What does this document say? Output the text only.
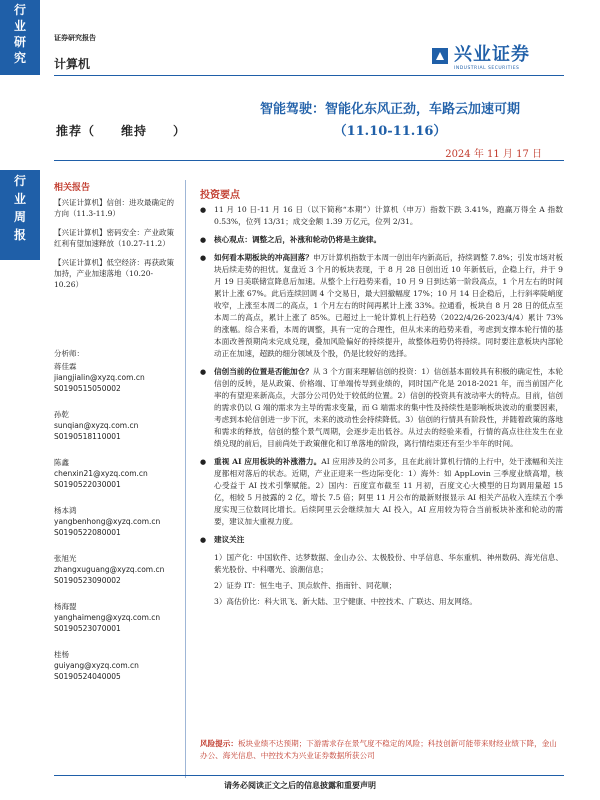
行
业
研
究
证券研究报告
计算机	兴业证券
INDUSTRIAL SECURITIES
智能驾驶：智能化东风正劲，车路云加速可期
（11.10-11.16）
推荐（　　维持　　）
2024 年 11 月 17 日
行
业
周
报
相关报告
【兴证计算机】信创：进攻最确定的方向（11.3-11.9）
【兴证计算机】密码安全：产业政策红利有望加速释放（10.27-11.2）
【兴证计算机】低空经济：再获政策加持，产业加速落地（10.20-10.26）
分析师：
蒋佳霖
jiangjialin@xyzq.com.cn
S0190515050002
孙乾
sunqian@xyzq.com.cn
S0190518110001
陈鑫
chenxin21@xyzq.com.cn
S0190522030001
杨本鸿
yangbenhong@xyzq.com.cn
S0190522080001
张旭光
zhangxuguang@xyzq.com.cn
S0190523090002
杨海盟
yanghaimeng@xyzq.com.cn
S0190523070001
桂杨
guiyang@xyzq.com.cn
S0190524040005
投资要点
● 11 月 10 日-11 月 16 日（以下简称“本期”）计算机（申万）指数下跌 3.41%，跑赢万得全 A 指数 0.53%，位列 13/31；成交金额 1.39 万亿元，位列 2/31。
● 核心观点：调整之后，补涨和轮动仍将是主旋律。
● 如何看本期板块的冲高回落？申万计算机指数于本周一创出年内新高后，持续调整 7.8%；引发市场对板块后续走势的担忧。复盘近 3 个月的板块表现，于 8 月 28 日创出近 10 年新低后，企稳上行，并于 9 月 19 日美联储宣降息后加速。从整个上行趋势来看，10 月 9 日到达第一阶段高点，1 个月左右的时间累计上涨 67%。此后连续回调 4 个交易日，最大回撤幅度 17%；10 月 14 日企稳后，上行斜率陡峭度收窄，上涨至本周二的高点，1 个月左右的时间再累计上涨 33%。拉通看，板块自 8 月 28 日的低点至本周二的高点，累计上涨了 85%。已超过上一轮计算机上行趋势（2022/4/26-2023/4/4）累计 73%的涨幅。综合来看，本周的调整，具有一定的合理性，但从未来的趋势来看，考虑到支撑本轮行情的基本面改善预期尚未完成兑现，叠加风险偏好的持续提升，故整体趋势仍将持续。同时要注意板块内部轮动正在加速，超跌的细分领域及个股，仍是比较好的选择。
● 信创当前的位置是否能加仓？从 3 个方面来理解信创的投资：1）信创基本面较具有积极的确定性，本轮信创的反转，是从政策、价格端、订单端传导到业绩的，同时国产化是 2018-2021 年，而当前国产化率的有望迎来新高点，大部分公司仍处于较低的位置。2）信创的投资具有波动率大的特点。目前，信创的需求仍以 G 端的需求为主导的需求变量，而 G 端需求的集中性及持续性是影响板块波动的重要因素，考虑到本轮信创进一步下沉，未来的波动性会持续降低。3）信创的行情具有阶段性，并随着政策的落地和需求的释放，信创的整个景气周期，会逐步走出低谷。从过去的经验来看，行情的高点往往发生在业绩兑现的前后，目前尚处于政策催化和订单落地的阶段，离行情结束还有至少半年的时间。
● 重视 AI 应用板块的补涨潜力。AI 应用涉及的公司多，且在此前计算机行情的上行中，处于涨幅和关注度都相对落后的状态。近期，产业正迎来一些边际变化：1）海外：如 AppLovin 三季度业绩高增，核心受益于 AI 技术引擎赋能。2）国内：百度宣布截至 11 月初，百度文心大模型的日均调用量超 15 亿，相较 5 月披露的 2 亿，增长 7.5 倍；阿里 11 月公布的最新财报显示 AI 相关产品收入连续五个季度实现三位数同比增长。后续阿里云会继续加大 AI 投入，AI 应用较为符合当前板块补涨和轮动的需要，建议加大重视力度。
● 建议关注
1）国产化：中国软件、达梦数据、金山办公、太极股份、中孚信息、华东重机、神州数码、海光信息、紫光股份、中科曙光、浪潮信息；
2）证券 IT：恒生电子、顶点软件、指南针、同花顺；
3）高估价比：科大讯飞、新大陆、卫宁健康、中控技术、广联达、用友网络。
风险提示：板块业绩不达预期；下游需求存在景气度不稳定的风险；科技创新可能带来财经业绩下降，金山办公、海光信息、中控技术为兴业证券数据所获公司
请务必阅读正文之后的信息披露和重要声明
